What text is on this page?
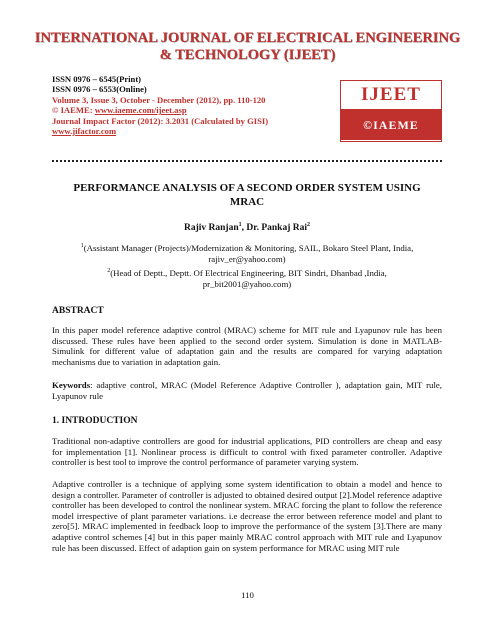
INTERNATIONAL JOURNAL OF ELECTRICAL ENGINEERING
& TECHNOLOGY (IJEET)
ISSN 0976 – 6545(Print)
ISSN 0976 – 6553(Online)
Volume 3, Issue 3, October - December (2012), pp. 110-120
© IAEME: www.iaeme.com/ijeet.asp
Journal Impact Factor (2012): 3.2031 (Calculated by GISI)
www.jifactor.com
IJEET
©IAEME
PERFORMANCE ANALYSIS OF A SECOND ORDER SYSTEM USING
MRAC
Rajiv Ranjan$^1$, Dr. Pankaj Rai$^2$
$^1$(Assistant Manager (Projects)/Modernization & Monitoring, SAIL, Bokaro Steel Plant, India,
rajiv_er@yahoo.com)
$^2$(Head of Deptt., Deptt. Of Electrical Engineering, BIT Sindri, Dhanbad ,India,
pr_bit2001@yahoo.com)
ABSTRACT
In this paper model reference adaptive control (MRAC) scheme for MIT rule and Lyapunov rule has been discussed. These rules have been applied to the second order system. Simulation is done in MATLAB- Simulink for different value of adaptation gain and the results are compared for varying adaptation mechanisms due to variation in adaptation gain.
Keywords: adaptive control, MRAC (Model Reference Adaptive Controller ), adaptation gain, MIT rule, Lyapunov rule
1. INTRODUCTION
Traditional non-adaptive controllers are good for industrial applications, PID controllers are cheap and easy for implementation [1]. Nonlinear process is difficult to control with fixed parameter controller. Adaptive controller is best tool to improve the control performance of parameter varying system.
Adaptive controller is a technique of applying some system identification to obtain a model and hence to design a controller. Parameter of controller is adjusted to obtained desired output [2].Model reference adaptive controller has been developed to control the nonlinear system. MRAC forcing the plant to follow the reference model irrespective of plant parameter variations. i.e decrease the error between reference model and plant to zero[5]. MRAC implemented in feedback loop to improve the performance of the system [3].There are many adaptive control schemes [4] but in this paper mainly MRAC control approach with MIT rule and Lyapunov rule has been discussed. Effect of adaption gain on system performance for MRAC using MIT rule
110
